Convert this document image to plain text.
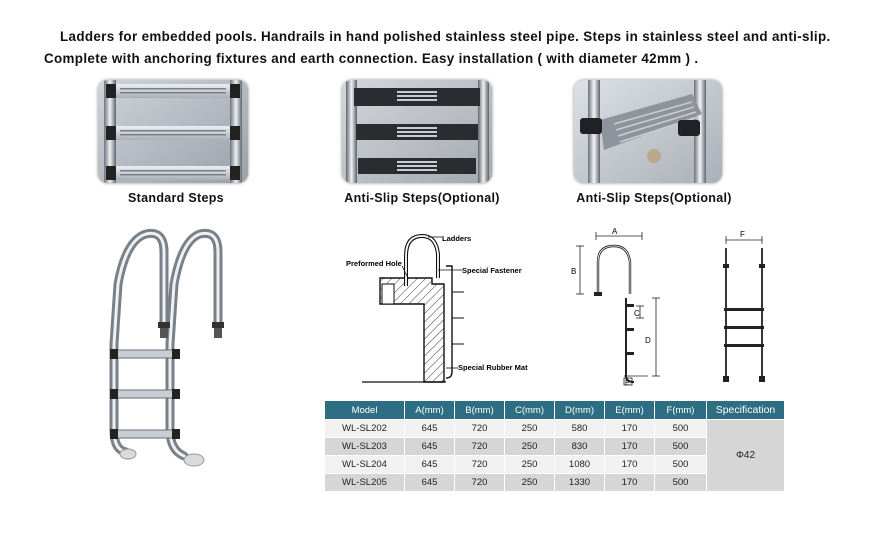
Ladders for embedded pools. Handrails in hand polished stainless steel pipe. Steps in stainless steel and anti-slip. Complete with anchoring fixtures and earth connection. Easy installation ( with diameter 42mm ) .
Standard Steps	Anti-Slip Steps(Optional)	Anti-Slip Steps(Optional)
Ladders
Preformed Hole
Special Fastener
Special Rubber Mat
A
B
C
D
E
F
Model	A(mm)	B(mm)	C(mm)	D(mm)	E(mm)	F(mm)	Specification
WL-SL202	645	720	250	580	170	500	Φ42
WL-SL203	645	720	250	830	170	500	
WL-SL204	645	720	250	1080	170	500	
WL-SL205	645	720	250	1330	170	500	
